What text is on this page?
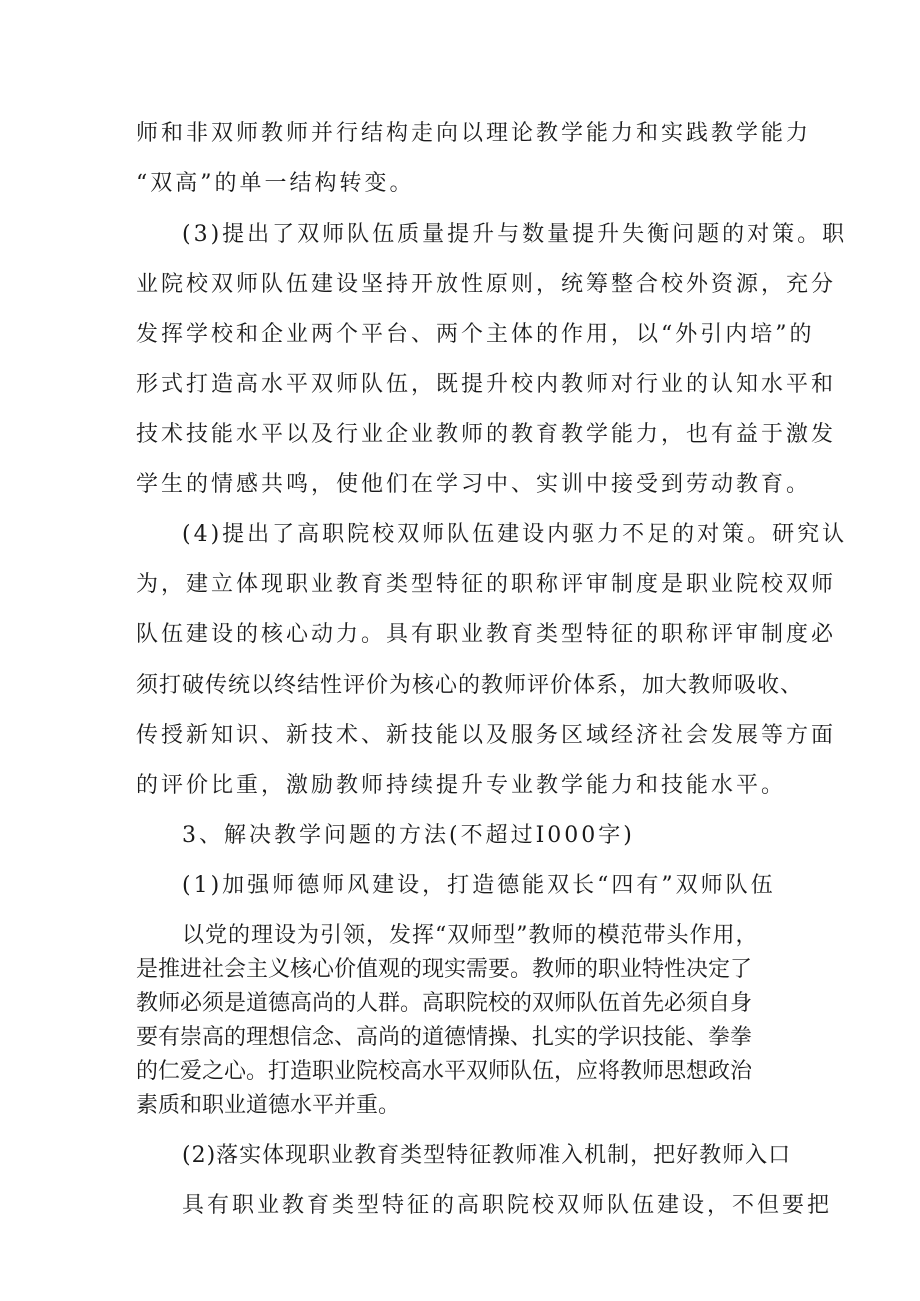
师和非双师教师并行结构走向以理论教学能力和实践教学能力
“双高”的单一结构转变。
(3)提出了双师队伍质量提升与数量提升失衡问题的对策。职
业院校双师队伍建设坚持开放性原则，统筹整合校外资源，充分
发挥学校和企业两个平台、两个主体的作用，以“外引内培”的
形式打造高水平双师队伍，既提升校内教师对行业的认知水平和
技术技能水平以及行业企业教师的教育教学能力，也有益于激发
学生的情感共鸣，使他们在学习中、实训中接受到劳动教育。
(4)提出了高职院校双师队伍建设内驱力不足的对策。研究认
为，建立体现职业教育类型特征的职称评审制度是职业院校双师
队伍建设的核心动力。具有职业教育类型特征的职称评审制度必
须打破传统以终结性评价为核心的教师评价体系，加大教师吸收、
传授新知识、新技术、新技能以及服务区域经济社会发展等方面
的评价比重，激励教师持续提升专业教学能力和技能水平。
3、解决教学问题的方法(不超过I000字)
(1)加强师德师风建设，打造德能双长“四有”双师队伍
以党的理设为引领，发挥“双师型”教师的模范带头作用，
是推进社会主义核心价值观的现实需要。教师的职业特性决定了
教师必须是道德高尚的人群。高职院校的双师队伍首先必须自身
要有崇高的理想信念、高尚的道德情操、扎实的学识技能、拳拳
的仁爱之心。打造职业院校高水平双师队伍，应将教师思想政治
素质和职业道德水平并重。
(2)落实体现职业教育类型特征教师准入机制，把好教师入口
具有职业教育类型特征的高职院校双师队伍建设，不但要把
